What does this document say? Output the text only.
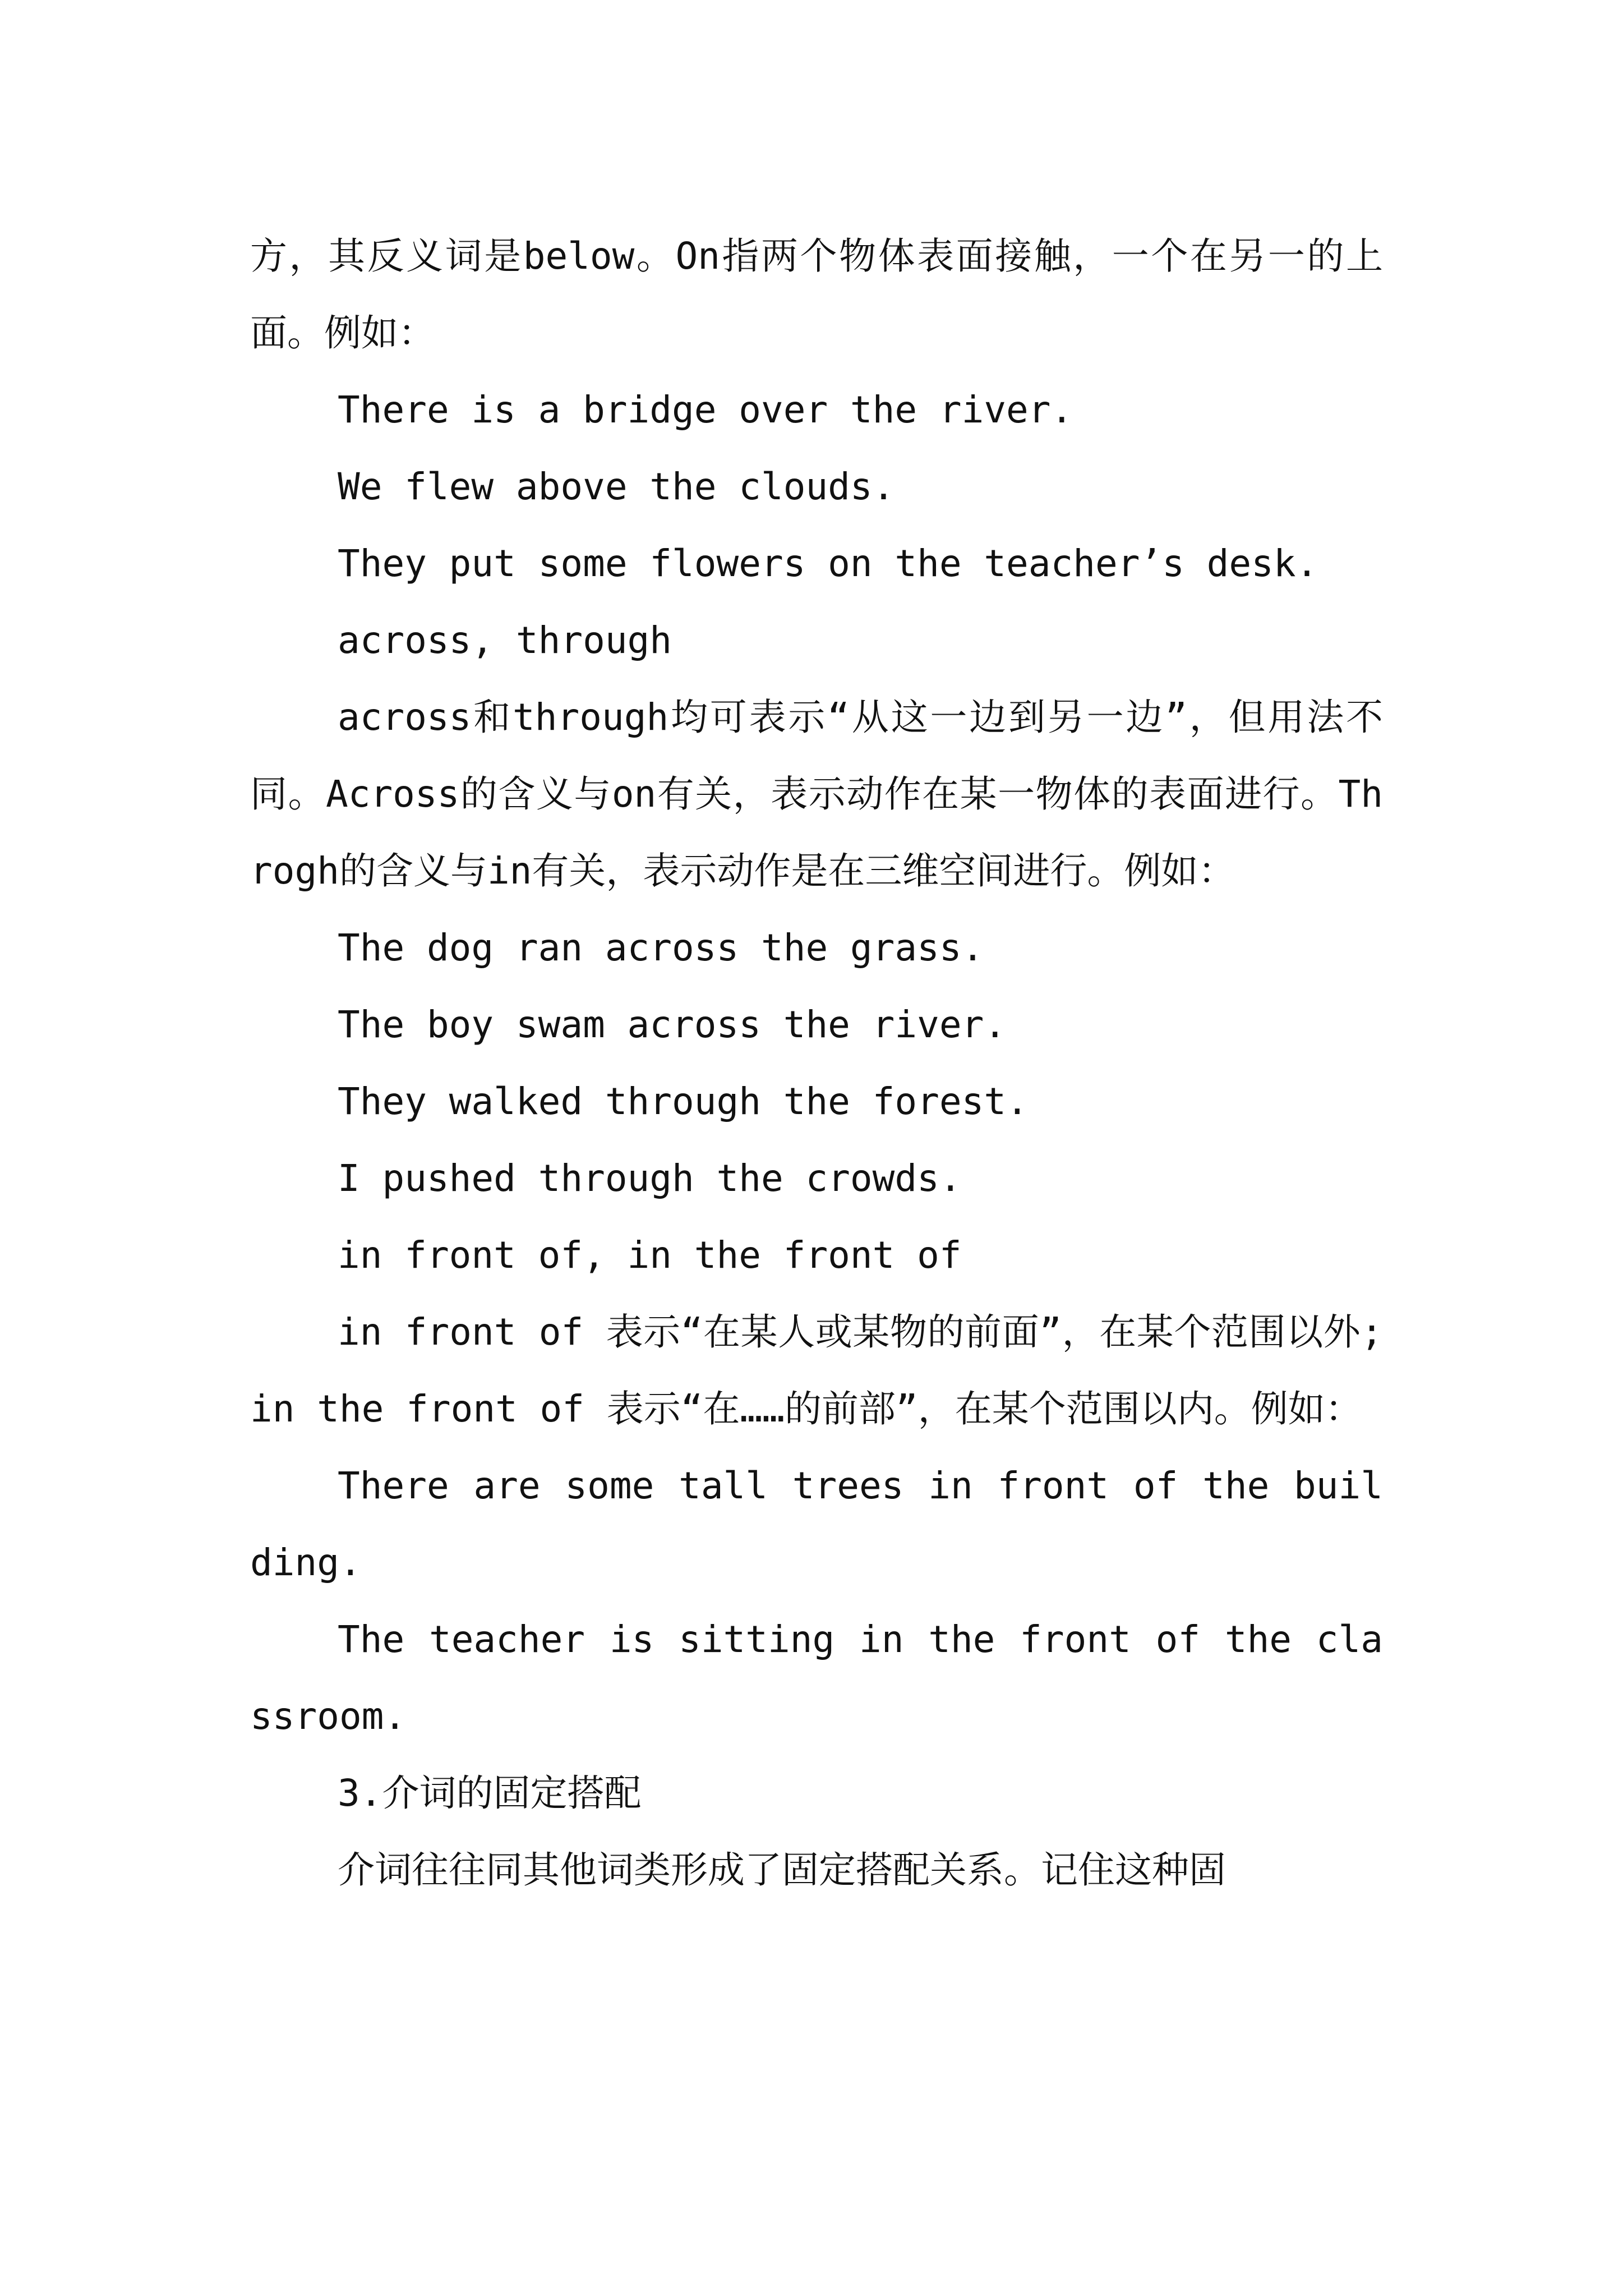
方，其反义词是below。On指两个物体表面接触，一个在另一的上面。例如：

There is a bridge over the river.

We flew above the clouds.

They put some flowers on the teacher’s desk.

across, through

across和through均可表示“从这一边到另一边”，但用法不同。Across的含义与on有关，表示动作在某一物体的表面进行。Throgh的含义与in有关，表示动作是在三维空间进行。例如：

The dog ran across the grass.

The boy swam across the river.

They walked through the forest.

I pushed through the crowds.

in front of, in the front of

in front of 表示“在某人或某物的前面”，在某个范围以外;in the front of 表示“在……的前部”，在某个范围以内。例如：

There are some tall trees in front of the building.

The teacher is sitting in the front of the classroom.

3.介词的固定搭配

介词往往同其他词类形成了固定搭配关系。记住这种固
